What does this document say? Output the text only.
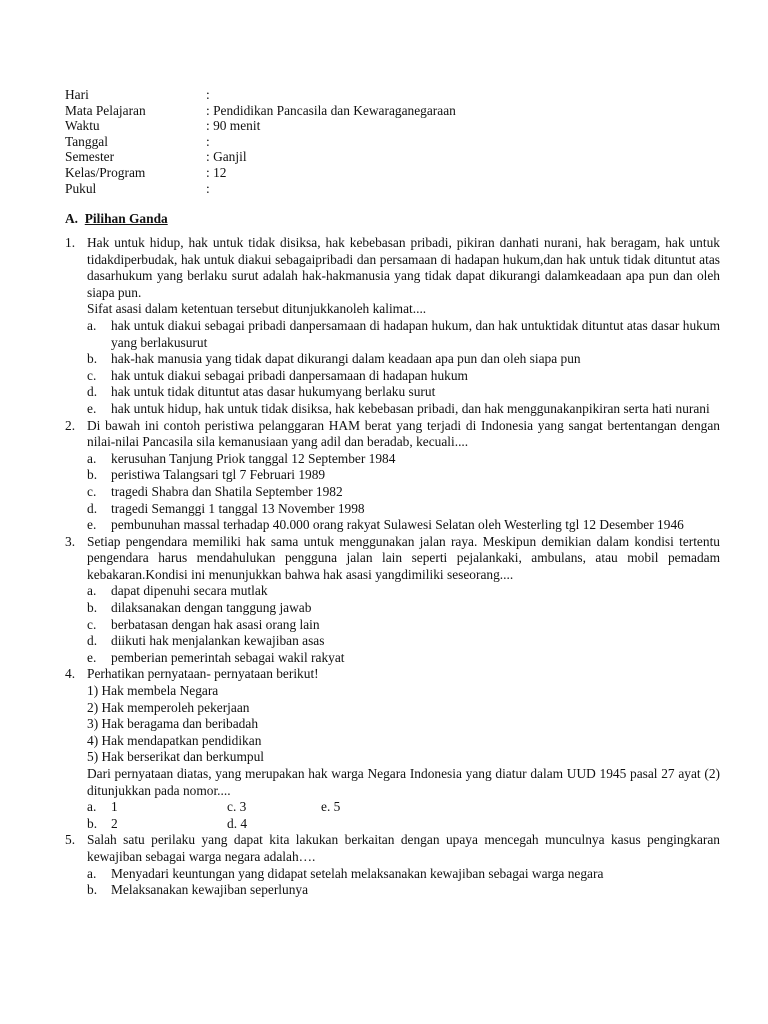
Hari	:
Mata Pelajaran	: Pendidikan Pancasila dan Kewaraganegaraan
Waktu	: 90 menit
Tanggal	:
Semester	: Ganjil
Kelas/Program	: 12
Pukul	:
A. Pilihan Ganda
1. Hak untuk hidup, hak untuk tidak disiksa, hak kebebasan pribadi, pikiran danhati nurani, hak beragam, hak untuk tidakdiperbudak, hak untuk diakui sebagaipribadi dan persamaan di hadapan hukum,dan hak untuk tidak dituntut atas dasarhukum yang berlaku surut adalah hak-hakmanusia yang tidak dapat dikurangi dalamkeadaan apa pun dan oleh siapa pun.
Sifat asasi dalam ketentuan tersebut ditunjukkanoleh kalimat....
a.	hak untuk diakui sebagai pribadi danpersamaan di hadapan hukum, dan hak untuktidak dituntut atas dasar hukum yang berlakusurut
b.	hak-hak manusia yang tidak dapat dikurangi dalam keadaan apa pun dan oleh siapa pun
c.	hak untuk diakui sebagai pribadi danpersamaan di hadapan hukum
d.	hak untuk tidak dituntut atas dasar hukumyang berlaku surut
e.	hak untuk hidup, hak untuk tidak disiksa, hak kebebasan pribadi, dan hak menggunakanpikiran serta hati nurani
2. Di bawah ini contoh peristiwa pelanggaran HAM berat yang terjadi di Indonesia yang sangat bertentangan dengan nilai-nilai Pancasila sila kemanusiaan yang adil dan beradab, kecuali....
a.	kerusuhan Tanjung Priok tanggal 12 September 1984
b.	peristiwa Talangsari tgl 7 Februari 1989
c.	tragedi Shabra dan Shatila September 1982
d.	tragedi Semanggi 1 tanggal 13 November 1998
e.	pembunuhan massal terhadap 40.000 orang rakyat Sulawesi Selatan oleh Westerling tgl 12 Desember 1946
3. Setiap pengendara memiliki hak sama untuk menggunakan jalan raya. Meskipun demikian dalam kondisi tertentu pengendara harus mendahulukan pengguna jalan lain seperti pejalankaki, ambulans, atau mobil pemadam kebakaran.Kondisi ini menunjukkan bahwa hak asasi yangdimiliki seseorang....
a.	dapat dipenuhi secara mutlak
b.	dilaksanakan dengan tanggung jawab
c.	berbatasan dengan hak asasi orang lain
d.	diikuti hak menjalankan kewajiban asas
e.	pemberian pemerintah sebagai wakil rakyat
4. Perhatikan pernyataan- pernyataan berikut!
1) Hak membela Negara
2) Hak memperoleh pekerjaan
3) Hak beragama dan beribadah
4) Hak mendapatkan pendidikan
5) Hak berserikat dan berkumpul
Dari pernyataan diatas, yang merupakan hak warga Negara Indonesia yang diatur dalam UUD 1945 pasal 27 ayat (2) ditunjukkan pada nomor....
a.	1	c. 3	e. 5
b.	2	d. 4
5. Salah satu perilaku yang dapat kita lakukan berkaitan dengan upaya mencegah munculnya kasus pengingkaran kewajiban sebagai warga negara adalah….
a.	Menyadari keuntungan yang didapat setelah melaksanakan kewajiban sebagai warga negara
b.	Melaksanakan kewajiban seperlunya
